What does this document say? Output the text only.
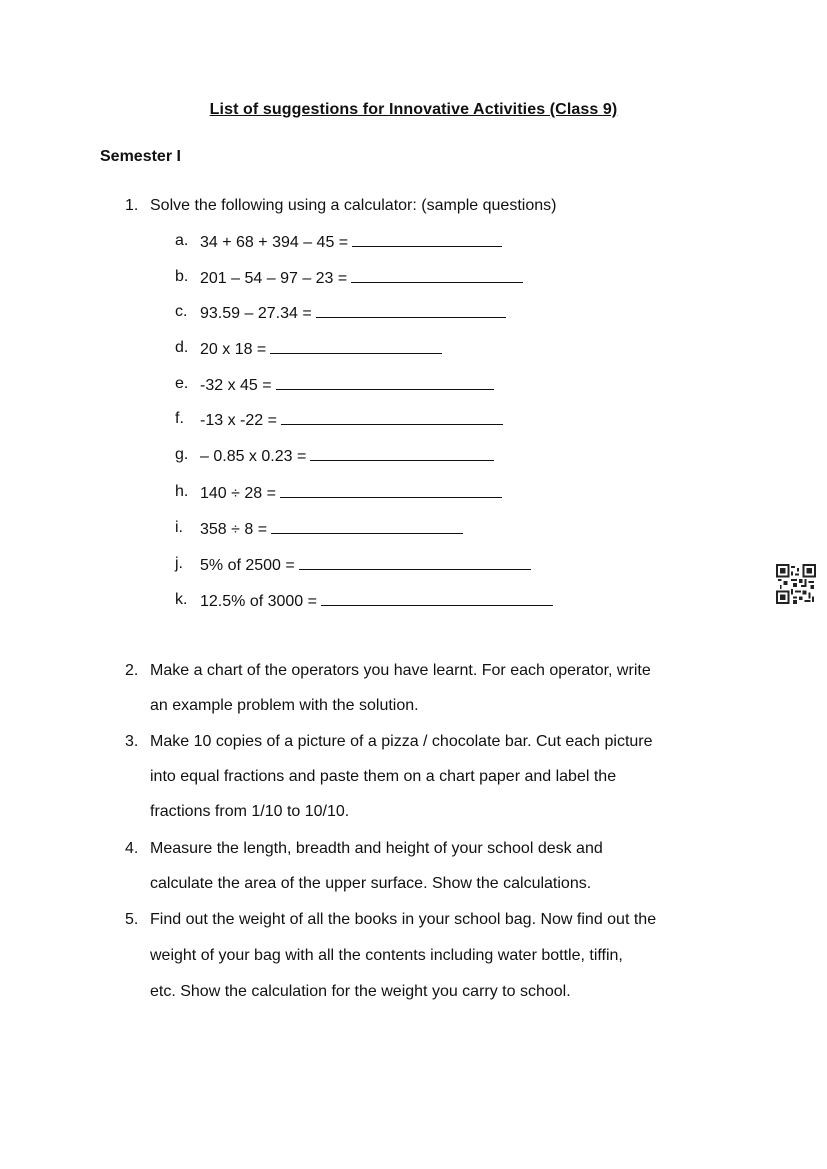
List of suggestions for Innovative Activities (Class 9)
Semester I
1. Solve the following using a calculator: (sample questions)
a. 34 + 68 + 394 – 45 =
b. 201 – 54 – 97 – 23 =
c. 93.59 – 27.34 =
d. 20 x 18 =
e. -32 x 45 =
f. -13 x -22 =
g. – 0.85 x 0.23 =
h. 140 ÷ 28 =
i. 358 ÷ 8 =
j. 5% of 2500 =
k. 12.5% of 3000 =
2. Make a chart of the operators you have learnt. For each operator, write
an example problem with the solution.
3. Make 10 copies of a picture of a pizza / chocolate bar. Cut each picture
into equal fractions and paste them on a chart paper and label the
fractions from 1/10 to 10/10.
4. Measure the length, breadth and height of your school desk and
calculate the area of the upper surface. Show the calculations.
5. Find out the weight of all the books in your school bag. Now find out the
weight of your bag with all the contents including water bottle, tiffin,
etc. Show the calculation for the weight you carry to school.
